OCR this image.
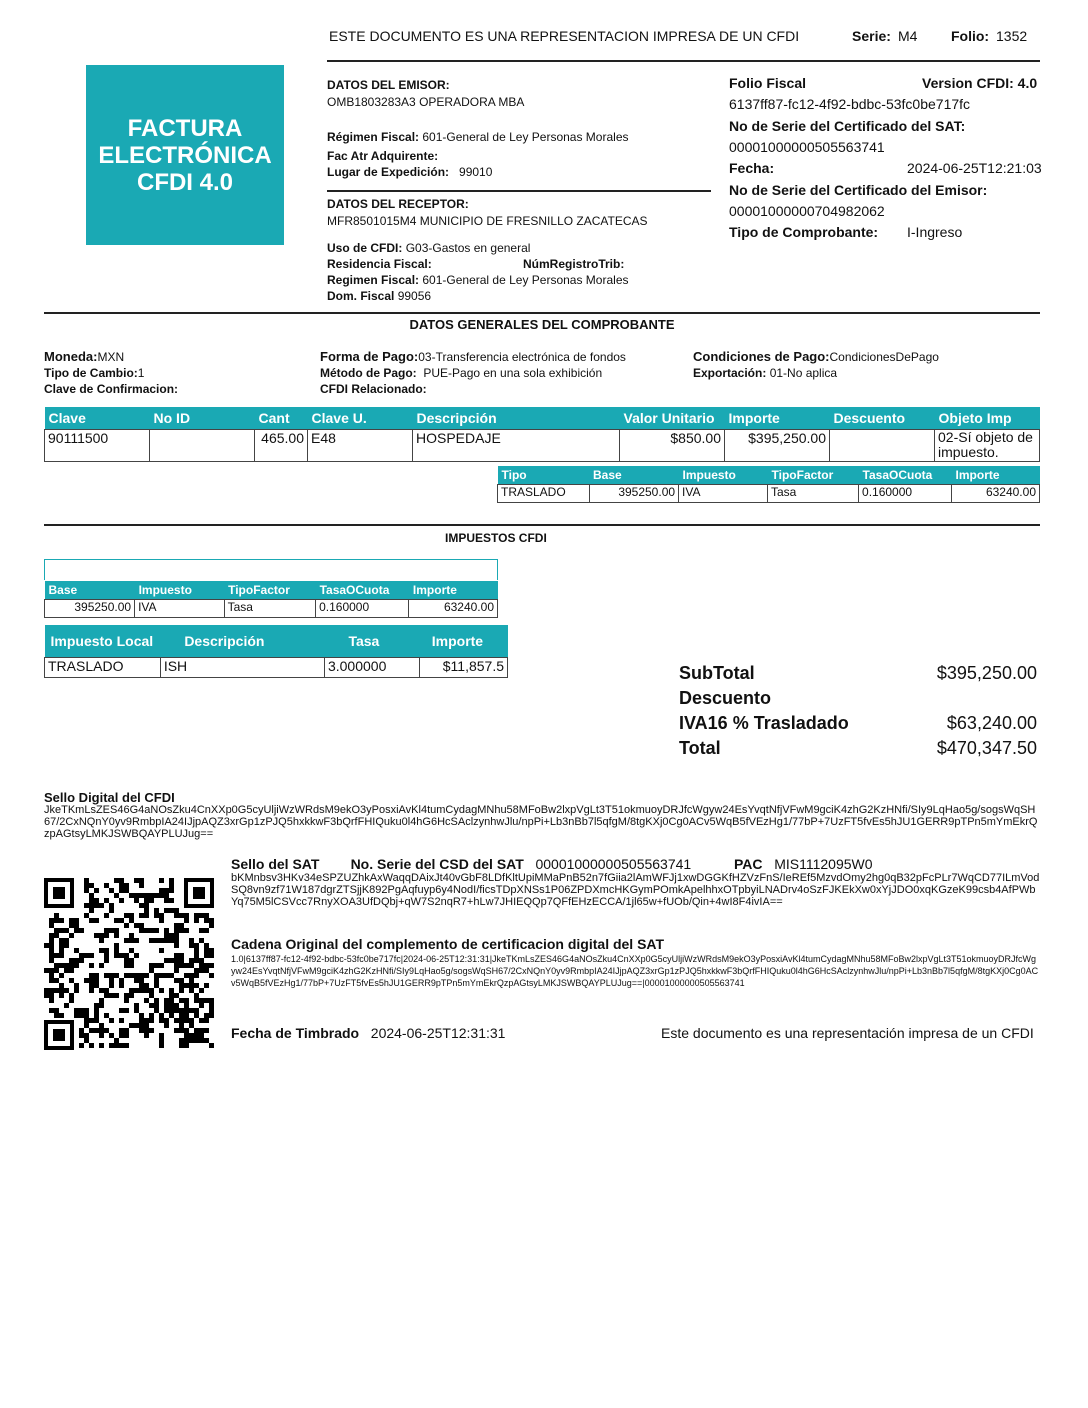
ESTE DOCUMENTO ES UNA REPRESENTACION IMPRESA DE UN CFDI	Serie: M4 Folio: 1352
FACTURA
ELECTRÓNICA
CFDI 4.0
DATOS DEL EMISOR:
OMB1803283A3 OPERADORA MBA
Régimen Fiscal: 601-General de Ley Personas Morales
Fac Atr Adquirente:
Lugar de Expedición: 99010
DATOS DEL RECEPTOR:
MFR8501015M4 MUNICIPIO DE FRESNILLO ZACATECAS
Uso de CFDI: G03-Gastos en general
Residencia Fiscal:	NúmRegistroTrib:
Regimen Fiscal: 601-General de Ley Personas Morales
Dom. Fiscal 99056
Folio Fiscal	Version CFDI: 4.0
6137ff87-fc12-4f92-bdbc-53fc0be717fc
No de Serie del Certificado del SAT:
00001000000505563741
Fecha:	2024-06-25T12:21:03
No de Serie del Certificado del Emisor:
00001000000704982062
Tipo de Comprobante: I-Ingreso
DATOS GENERALES DEL COMPROBANTE
Moneda:MXN
Tipo de Cambio:1
Clave de Confirmacion:
Forma de Pago:03-Transferencia electrónica de fondos
Método de Pago: PUE-Pago en una sola exhibición
CFDI Relacionado:
Condiciones de Pago:CondicionesDePago
Exportación: 01-No aplica
Clave	No ID	Cant	Clave U.	Descripción	Valor Unitario	Importe	Descuento	Objeto Imp
90111500		465.00	E48	HOSPEDAJE	$850.00	$395,250.00		02-Sí objeto de impuesto.
Tipo	Base	Impuesto	TipoFactor	TasaOCuota	Importe
TRASLADO	395250.00	IVA	Tasa	0.160000	63240.00
IMPUESTOS CFDI
Base	Impuesto	TipoFactor	TasaOCuota	Importe
395250.00	IVA	Tasa	0.160000	63240.00
Impuesto Local	Descripción	Tasa	Importe
TRASLADO	ISH	3.000000	$11,857.5	SubTotal	$395,250.00
Descuento
IVA16 % Trasladado	$63,240.00
Total	$470,347.50
Sello Digital del CFDI
JkeTKmLsZES46G4aNOsZku4CnXXp0G5cyUljiWzWRdsM9ekO3yPosxiAvKl4tumCydagMNhu58MFoBw2lxpVgLt3T51okmuoyDRJfcWgyw24EsYvqtNfjVFwM9gciK4zhG2KzHNfi/SIy9LqHao5g/sogsWqSH67/2CxNQnY0yv9RmbpIA24IJjpAQZ3xrGp1zPJQ5hxkkwF3bQrfFHIQuku0l4hG6HcSAclzynhwJlu/npPi+Lb3nBb7l5qfgM/8tgKXj0Cg0ACv5WqB5fVEzHg1/77bP+7UzFT5fvEs5hJU1GERR9pTPn5mYmEkrQzpAGtsyLMKJSWBQAYPLUJug==
Sello del SAT No. Serie del CSD del SAT 00001000000505563741	PAC MIS1112095W0
bKMnbsv3HKv34eSPZUZhkAxWaqqDAixJt40vGbF8LDfKltUpiMMaPnB52n7fGiia2lAmWFJj1xwDGGKfHZVzFnS/IeREf5MzvdOmy2hg0qB32pFcPLr7WqCD77ILmVodSQ8vn9zf71W187dgrZTSjjK892PgAqfuyp6y4NodI/ficsTDpXNSs1P06ZPDXmcHKGymPOmkApelhhxOTpbyiLNADrv4oSzFJKEkXw0xYjJDO0xqKGzeK99csb4AfPWbYq75M5lCSVcc7RnyXOA3UfDQbj+qW7S2nqR7+hLw7JHIEQQp7QFfEHzECCA/1jl65w+fUOb/Qin+4wI8F4ivIA==
Cadena Original del complemento de certificacion digital del SAT
1.0|6137ff87-fc12-4f92-bdbc-53fc0be717fc|2024-06-25T12:31:31|JkeTKmLsZES46G4aNOsZku4CnXXp0G5cyUljiWzWRdsM9ekO3yPosxiAvKl4tumCydagMNhu58MFoBw2lxpVgLt3T51okmuoyDRJfcWgyw24EsYvqtNfjVFwM9gciK4zhG2KzHNfi/SIy9LqHao5g/sogsWqSH67/2CxNQnY0yv9RmbpIA24IJjpAQZ3xrGp1zPJQ5hxkkwF3bQrfFHIQuku0l4hG6HcSAclzynhwJlu/npPi+Lb3nBb7l5qfgM/8tgKXj0Cg0ACv5WqB5fVEzHg1/77bP+7UzFT5fvEs5hJU1GERR9pTPn5mYmEkrQzpAGtsyLMKJSWBQAYPLUJug==|00001000000505563741
Fecha de Timbrado 2024-06-25T12:31:31	Este documento es una representación impresa de un CFDI
